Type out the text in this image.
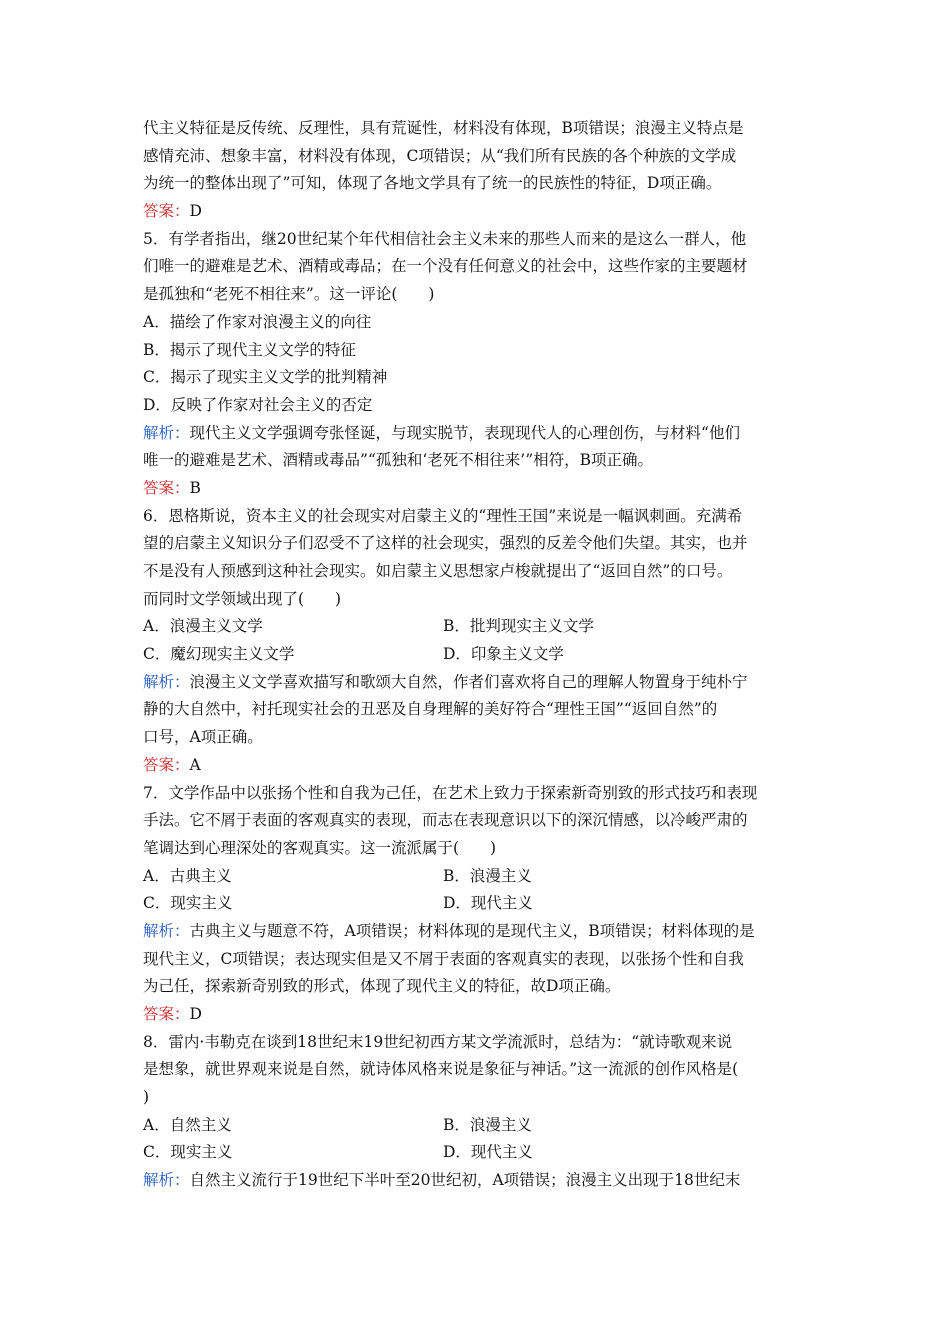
代主义特征是反传统、反理性，具有荒诞性，材料没有体现，B项错误；浪漫主义特点是
感情充沛、想象丰富，材料没有体现，C项错误；从“我们所有民族的各个种族的文学成
为统一的整体出现了”可知，体现了各地文学具有了统一的民族性的特征，D项正确。
答案：D
5．有学者指出，继20世纪某个年代相信社会主义未来的那些人而来的是这么一群人，他
们唯一的避难是艺术、酒精或毒品；在一个没有任何意义的社会中，这些作家的主要题材
是孤独和“老死不相往来”。这一评论(　　)
A．描绘了作家对浪漫主义的向往
B．揭示了现代主义文学的特征
C．揭示了现实主义文学的批判精神
D．反映了作家对社会主义的否定
解析：现代主义文学强调夸张怪诞，与现实脱节，表现现代人的心理创伤，与材料“他们
唯一的避难是艺术、酒精或毒品”“孤独和‘老死不相往来’”相符，B项正确。
答案：B
6．恩格斯说，资本主义的社会现实对启蒙主义的“理性王国”来说是一幅讽刺画。充满希
望的启蒙主义知识分子们忍受不了这样的社会现实，强烈的反差令他们失望。其实，也并
不是没有人预感到这种社会现实。如启蒙主义思想家卢梭就提出了“返回自然”的口号。
而同时文学领域出现了(　　)
A．浪漫主义文学	B．批判现实主义文学
C．魔幻现实主义文学	D．印象主义文学
解析：浪漫主义文学喜欢描写和歌颂大自然，作者们喜欢将自己的理解人物置身于纯朴宁
静的大自然中，衬托现实社会的丑恶及自身理解的美好符合“理性王国”“返回自然”的
口号，A项正确。
答案：A
7．文学作品中以张扬个性和自我为己任，在艺术上致力于探索新奇别致的形式技巧和表现
手法。它不屑于表面的客观真实的表现，而志在表现意识以下的深沉情感，以冷峻严肃的
笔调达到心理深处的客观真实。这一流派属于(　　)
A．古典主义	B．浪漫主义
C．现实主义	D．现代主义
解析：古典主义与题意不符，A项错误；材料体现的是现代主义，B项错误；材料体现的是
现代主义，C项错误；表达现实但是又不屑于表面的客观真实的表现，以张扬个性和自我
为己任，探索新奇别致的形式，体现了现代主义的特征，故D项正确。
答案：D
8．雷内·韦勒克在谈到18世纪末19世纪初西方某文学流派时，总结为：“就诗歌观来说
是想象，就世界观来说是自然，就诗体风格来说是象征与神话。”这一流派的创作风格是(
)
A．自然主义	B．浪漫主义
C．现实主义	D．现代主义
解析：自然主义流行于19世纪下半叶至20世纪初，A项错误；浪漫主义出现于18世纪末
